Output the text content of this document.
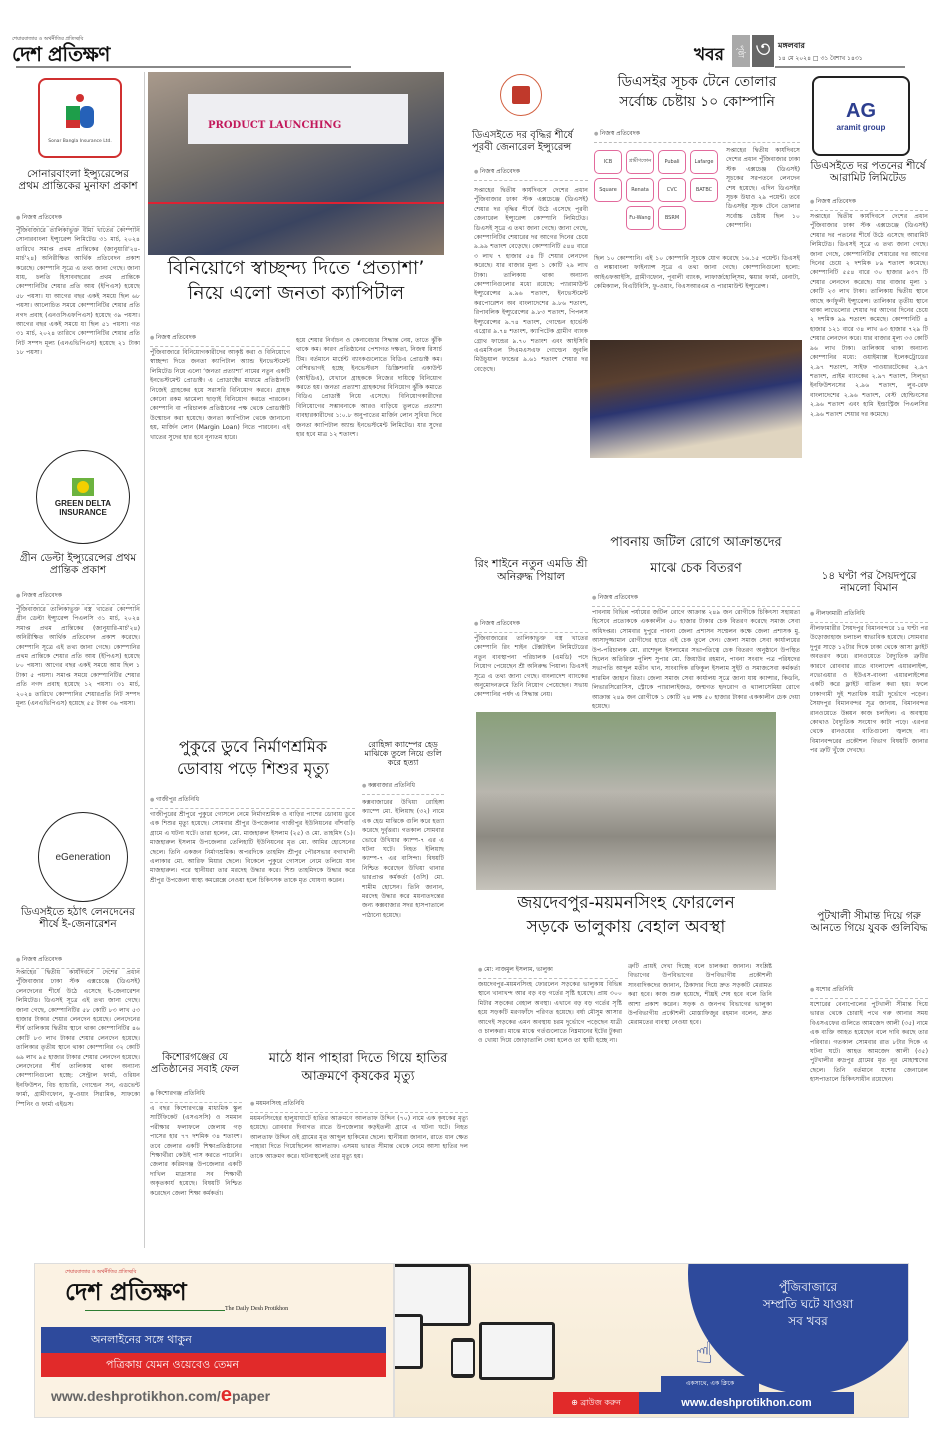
শেয়ারবাজার ও অর্থনীতির প্রতিচ্ছবি
দেশ প্রতিক্ষণ	খবর	পৃষ্ঠা ৩ মঙ্গলবার
১৪ মে ২০২৪ □ ৩১ বৈশাখ ১৪৩১
Sonar Bangla Insurance Ltd.
সোনারবাংলা ইন্স্যুরেন্সের প্রথম প্রান্তিকের মুনাফা প্রকাশ
● নিজস্ব প্রতিবেদক
পুঁজিবাজারে তালিকাভুক্ত বীমা খাতের কোম্পানি সোনারবাংলা ইন্স্যুরেন্স লিমিটেড ৩১ মার্চ, ২০২৪ তারিখে সমাপ্ত প্রথম প্রান্তিকের (জানুয়ারি'২৪-মার্চ'২৪) অনিরীক্ষিত আর্থিক প্রতিবেদন প্রকাশ করেছে। কোম্পানি সূত্রে এ তথ্য জানা গেছে। জানা যায়, চলতি হিসাববছরের প্রথম প্রান্তিকে কোম্পানিটির শেয়ার প্রতি আয় (ইপিএস) হয়েছে ৫৮ পয়সা। যা আগের বছর একই সময়ে ছিল ৬৮ পয়সা। আলোচিত সময়ে কোম্পানিটির শেয়ার প্রতি নগদ প্রবাহ (এনওসিএফপিএস) হয়েছে ৩৯ পয়সা। আগের বছর একই সময়ে যা ছিল ৫১ পয়সা। গত ৩১ মার্চ, ২০২৪ তারিখে কোম্পানিটির শেয়ার প্রতি নিট সম্পদ মূল্য (এনএভিপিএস) হয়েছে ২১ টাকা ১৮ পয়সা।
GREEN DELTA
INSURANCE
গ্রীন ডেল্টা ইন্স্যুরেন্সের প্রথম প্রান্তিক প্রকাশ
● নিজস্ব প্রতিবেদক
পুঁজিবাজারে তালিকাভুক্ত বস্ত্র খাতের কোম্পানি গ্রীন ডেল্টা ইন্স্যুরেন্স পিএলসি ৩১ মার্চ, ২০২৪ সমাপ্ত প্রথম প্রান্তিকের (জানুয়ারি-মার্চ'২৪) অনিরীক্ষিত আর্থিক প্রতিবেদন প্রকাশ করেছে। কোম্পানি সূত্রে এই তথ্য জানা গেছে। কোম্পানির প্রথম প্রান্তিকে শেয়ার প্রতি আয় (ইপিএস) হয়েছে ৮০ পয়সা। আগের বছর একই সময়ে আয় ছিল ১ টাকা ৫ পয়সা। সমাপ্ত সময়ে কোম্পানিটির শেয়ার প্রতি নগদ প্রবাহ হয়েছে ১২ পয়সা। ৩১ মার্চ, ২০২৪ তারিখে কোম্পানির শেয়ারপ্রতি নিট সম্পদ মূল্য (এনএভিপিএস) হয়েছে ৫৫ টাকা ৩৬ পয়সা।
eGeneration
ডিএসইতে হঠাৎ লেনদেনের শীর্ষে ই-জেনারেশন
● নিজস্ব প্রতিবেদক
সপ্তাহের দ্বিতীয় কার্যদিবসে দেশের প্রধান পুঁজিবাজার ঢাকা স্টক এক্সচেঞ্জে (ডিএসই) লেনদেনের শীর্ষে উঠে এসেছে ই-জেনারেশন লিমিটেড। ডিএসই সূত্রে এই তথ্য জানা গেছে। জানা গেছে, কোম্পানিটির ৫৮ কোটি ৮৩ লাখ ৫৩ হাজার টাকার শেয়ার লেনদেন হয়েছে। লেনদেনের শীর্ষ তালিকায় দ্বিতীয় স্থানে থাকা কোম্পানিটির ৪৬ কোটি ৮৩ লাখ টাকার শেয়ার লেনদেন হয়েছে। তালিকার তৃতীয় স্থানে থাকা কোম্পানির ৩২ কোটি ৬৯ লাখ ৯৫ হাজার টাকার শেয়ার লেনদেন হয়েছে। লেনদেনের শীর্ষ তালিকায় থাকা অন্যান্য কোম্পানিগুলো হচ্ছে: সেন্ট্রাল ফার্মা, ওরিয়ন ইনফিউশন, বিচ হ্যাচারি, গোল্ডেন সন, এডভেন্ট ফার্মা, গ্রামীণফোন, ফু-ওয়াং সিরামিক, সাফকো স্পিনিং ও ফার্মা এইডস।
PRODUCT LAUNCHING
বিনিয়োগে স্বাচ্ছন্দ্য দিতে ‘প্রত্যাশা’
নিয়ে এলো জনতা ক্যাপিটাল
● নিজস্ব প্রতিবেদক
পুঁজিবাজারে বিনিয়োগকারীদের আকৃষ্ট করা ও বিনিয়োগে স্বাচ্ছন্দ্য দিতে জনতা ক্যাপিটাল অ্যান্ড ইনভেস্টমেন্ট লিমিটেড নিয়ে এলো ‘জনতা প্রত্যাশা’ নামের নতুন একটি ইনভেস্টমেন্ট প্রোডাক্ট। এ প্রোডাক্টের মাধ্যমে প্রতিষ্ঠানটি নিজেই গ্রাহকের হয়ে সরাসরি বিনিয়োগ করবে। গ্রাহক কোনো রকম ঝামেলা ছাড়াই বিনিয়োগ করতে পারবেন। কোম্পানি বা পরিচালক প্রতিষ্ঠানের পক্ষ থেকে প্রোডাক্টটি উন্মোচন করা হয়েছে। জনতা ক্যাপিটাল থেকে জানানো হয়, মার্জিন লোন (Margin Loan) নিতে পারবেন। এই খাতের সুদের হার হবে নূন্যতম হারে।
হয়ে শেয়ার নির্বাচন ও কেনাবেচার সিদ্ধান্ত নেয়, তাতে ঝুঁকি থাকে কম। কারণ প্রতিষ্ঠানের পেশাগত দক্ষতা, নিজস্ব রিসার্চ টিম। বর্তমানে মার্চেন্ট ব্যাংকগুলোতে বিডিএ প্রোডাক্ট কম। বেশিরভাগই হচ্ছে ইনভেস্টরস ডিস্ক্রিশনারি একাউন্ট (আইডিএ), যেখানে গ্রাহককে নিজের দায়িত্বে বিনিয়োগ করতে হয়। জনতা প্রত্যাশা গ্রাহকদের বিনিয়োগ ঝুঁকি কমাতে বিডিএ প্রোডাক্ট নিয়ে এসেছে। বিনিয়োগকারীদের বিনিয়োগের সম্ভাবনাকে আরও বাড়িয়ে তুলতে প্রত্যাশা ব্যবহারকারীদের ১:০.৮ অনুপাতের মার্জিন লোন সুবিধা দিবে জনতা ক্যাপিটাল অ্যান্ড ইনভেস্টমেন্ট লিমিটেড। যার সুদের হার হবে মাত্র ১২ শতাংশ।
পুকুরে ডুবে নির্মাণশ্রমিক
ডোবায় পড়ে শিশুর মৃত্যু
● গাজীপুর প্রতিনিধি
গাজীপুরের শ্রীপুরে পুকুরে গোসলে নেমে নির্মাণশ্রমিক ও বাড়ির পাশের ডোবায় ডুবে এক শিশুর মৃত্যু হয়েছে। সোমবার শ্রীপুর উপজেলার গাজীপুর ইউনিয়নের বাঁশবাড়ি গ্রামে এ ঘটনা ঘটে। তারা হলেন, মো. মাজহারুল ইসলাম (২৫) ও মো. তাহমিদ (১)। মাজহারুল ইসলাম উপজেলার তেলিহাটি ইউনিয়নের মৃত মো. আমির হোসেনের ছেলে। তিনি একজন নির্মাণশ্রমিক। অপরদিকে তাহমিদ শ্রীপুর পৌরসভার বগাখালী এলাকার মো. আরিফ মিয়ার ছেলে। বিকেলে পুকুরে গোসলে নেমে তলিয়ে যান মাজহারুল। পরে স্থানীয়রা তার মরদেহ উদ্ধার করে। শিশু তাহমিদকে উদ্ধার করে শ্রীপুর উপজেলা স্বাস্থ্য কমপ্লেক্সে নেওয়া হলে চিকিৎসক তাকে মৃত ঘোষণা করেন।
রোহিঙ্গা ক্যাম্পের হেড মাঝিকে তুলে নিয়ে গুলি করে হত্যা
● কক্সবাজার প্রতিনিধি
কক্সবাজারের উখিয়া রোহিঙ্গা ক্যাম্পে মো. ইলিয়াছ (৩২) নামে এক হেড মাঝিকে গুলি করে হত্যা করেছে দুর্বৃত্তরা। গতকাল সোমবার ভোরে উখিয়ার ক্যাম্প-৭ এর এ ঘটনা ঘটে। নিহত ইলিয়াছ ক্যাম্প-৭ এর বাসিন্দা। বিষয়টি নিশ্চিত করেছেন উখিয়া থানার ভারপ্রাপ্ত কর্মকর্তা (ওসি) মো. শামীম হোসেন। তিনি জানান, মরদেহ উদ্ধার করে ময়নাতদন্তের জন্য কক্সবাজার সদর হাসপাতালে পাঠানো হয়েছে।
কিশোরগঞ্জের যে প্রতিষ্ঠানের সবাই ফেল
● কিশোরগঞ্জ প্রতিনিধি
এ বছর কিশোরগঞ্জে মাধ্যমিক স্কুল সার্টিফিকেট (এসএসসি) ও সমমান পরীক্ষার ফলাফলে জেলায় গড় পাসের হার ৭৭ দশমিক ৩৪ শতাংশ। তবে জেলার একটি শিক্ষাপ্রতিষ্ঠানের শিক্ষার্থীরা কেউই পাস করতে পারেনি। জেলার করিমগঞ্জ উপজেলার একটি দাখিল মাদ্রাসার সব শিক্ষার্থী অকৃতকার্য হয়েছে। বিষয়টি নিশ্চিত করেছেন জেলা শিক্ষা কর্মকর্তা।
মাঠে ধান পাহারা দিতে গিয়ে হাতির
আক্রমণে কৃষকের মৃত্যু
● ময়মনসিংহ প্রতিনিধি
ময়মনসিংহের হালুয়াঘাটে হাতির আক্রমণে আলতাফ উদ্দিন (৭০) নামে এক কৃষকের মৃত্যু হয়েছে। রোববার দিবাগত রাতে উপজেলার কড়ইতলী গ্রামে এ ঘটনা ঘটে। নিহত আলতাফ উদ্দিন ওই গ্রামের মৃত আব্দুল হাকিমের ছেলে। স্থানীয়রা জানান, রাতে ধান ক্ষেত পাহারা দিতে গিয়েছিলেন আলতাফ। এসময় ভারত সীমান্ত থেকে নেমে আসা হাতির দল তাকে আক্রমণ করে। ঘটনাস্থলেই তার মৃত্যু হয়।
ডিএসইতে দর বৃদ্ধির শীর্ষে পূরবী জেনারেল ইন্স্যুরেন্স
● নিজস্ব প্রতিবেদক
সপ্তাহের দ্বিতীয় কার্যদিবসে দেশের প্রধান পুঁজিবাজার ঢাকা স্টক এক্সচেঞ্জে (ডিএসই) শেয়ার দর বৃদ্ধির শীর্ষে উঠে এসেছে পূরবী জেনারেল ইন্স্যুরেন্স কোম্পানি লিমিটেড। ডিএসই সূত্রে এ তথ্য জানা গেছে। জানা গেছে, কোম্পানিটির শেয়ারের দর আগের দিনের চেয়ে ৯.৯৯ শতাংশ বেড়েছে। কোম্পানিটি ৫৪৪ বারে ৩ লাখ ৭ হাজার ৫৪ টি শেয়ার লেনদেন করেছে। যার বাজার মূল্য ১ কোটি ২৯ লাখ টাকা। তালিকায় থাকা অন্যান্য কোম্পানিগুলোর মধ্যে রয়েছে: প্যারামাউন্ট ইন্স্যুরেন্সের ৯.৯৬ শতাংশ, ইনভেস্টমেন্ট করপোরেশন অব বাংলাদেশের ৯.৮৬ শতাংশ, রিপাবলিক ইন্স্যুরেন্সের ৯.৮৩ শতাংশ, পিপলস ইন্স্যুরেন্সের ৯.৭৪ শতাংশ, গোল্ডেন হার্ভেস্ট এগ্রোর ৯.৭৪ শতাংশ, ক্যাপিটেক গ্রামীণ ব্যাংক গ্রোথ ফান্ডের ৯.৭০ শতাংশ এবং আইসিবি এএমসিএল সিএমএসএফ গোল্ডেন জুবলি মিউচুয়াল ফান্ডের ৯.৬১ শতাংশ শেয়ার দর বেড়েছে।
রিং শাইনে নতুন এমডি শ্রী অনিরুদ্ধ পিয়াল
● নিজস্ব প্রতিবেদক
পুঁজিবাজারের তালিকাভুক্ত বস্ত্র খাতের কোম্পানি রিং শাইন টেক্সটাইল লিমিটেডের নতুন ব্যবস্থাপনা পরিচালক (এমডি) পদে নিয়োগ পেয়েছেন শ্রী অনিরুদ্ধ পিয়াল। ডিএসই সূত্রে এ তথ্য জানা গেছে। বাংলাদেশ ব্যাংকের অনুমোদনক্রমে তিনি নিয়োগ পেয়েছেন। সভায় কোম্পানির পর্ষদ এ সিদ্ধান্ত নেয়।
ডিএসইর সূচক টেনে তোলার
সর্বোচ্চ চেষ্টায় ১০ কোম্পানি
● নিজস্ব প্রতিবেদক
ICB	গ্রামীণফোন	Pubali	Lafarge
Square	Renata	CVC	BATBC
Fu-Wang	BSRM
সপ্তাহের দ্বিতীয় কার্যদিবসে দেশের প্রধান পুঁজিবাজার ঢাকা স্টক এক্সচেঞ্জ (ডিএসই) সূচকের সরপতনে লেনদেন শেষ হয়েছে। এদিন ডিএসইর সূচক উধাও ২৯ পয়েন্ট। তবে ডিএসইর সূচক টেনে তোলার সর্বোচ্চ চেষ্টায় ছিল ১০ কোম্পানি।
ছিল ১০ কোম্পানি। এই ১০ কোম্পানি সূচকে যোগ করেছে ১৬.১৫ পয়েন্ট। ডিএসই ও লঙ্কাবাংলা ফাইন্যান্স সূত্রে এ তথ্য জানা গেছে। কোম্পানিগুলো হলো: আইএফআইসি, গ্রামীণফোন, পূবালী ব্যাংক, লাফার্জহোল্সিম, স্কয়ার ফার্মা, রেনাটা, কেমিক্যাল, বিএটিবিসি, ফু-ওয়াং, বিএসআরএম ও পারামাউন্ট ইন্স্যুরেন্স।
পাবনায় জটিল রোগে আক্রান্তদের
মাঝে চেক বিতরণ
● নিজস্ব প্রতিবেদক
পাবনায় বিভিন্ন পর্যায়ের জটিল রোগে আক্রান্ত ২৪৯ জন রোগীকে চিকিৎসা সহায়তা হিসেবে প্রত্যেককে এককালীন ৫০ হাজার টাকার চেক বিতরণ করেছে সমাজ সেবা অধিদপ্তর। সোমবার দুপুরে পাবনা জেলা প্রশাসন সম্মেলন কক্ষে জেলা প্রশাসক মু. আসাদুজ্জামান রোগীদের হাতে এই চেক তুলে দেন। জেলা সমাজ সেবা কার্যালয়ের উপ-পরিচালক মো. রাশেদুল ইসলামের সভাপতিত্বে চেক বিতরণ অনুষ্ঠানে উপস্থিত ছিলেন অতিরিক্ত পুলিশ সুপার মো. জিয়াউর রহমান, পাবনা সংবাদ পত্র পরিষদের সভাপতি আব্দুল মতীন খান, সাংবাদিক রফিকুল ইসলাম সুইট ও সমাজসেবা কর্মকর্তা শারমিন জাহান রিতা। জেলা সমাজ সেবা কার্যালয় সূত্রে জানা যায় ক্যান্সার, কিডনি, লিভারসিরোসিস, স্ট্রোকে প্যারালাইজড, জন্মগত হৃদরোগ ও থ্যালাসেমিয়া রোগে আক্রান্ত ২৪৯ জন রোগীকে ১ কোটি ২৪ লক্ষ ৫০ হাজার টাকার এককালীন চেক দেয়া হয়েছে।
AG
aramit group
ডিএসইতে দর পতনের শীর্ষে আরামিট লিমিটেড
● নিজস্ব প্রতিবেদক
সপ্তাহের দ্বিতীয় কার্যদিবসে দেশের প্রধান পুঁজিবাজার ঢাকা স্টক এক্সচেঞ্জে (ডিএসই) শেয়ার দর পতনের শীর্ষে উঠে এসেছে আরামিট লিমিটেড। ডিএসই সূত্রে এ তথ্য জানা গেছে। জানা গেছে, কোম্পানিটির শেয়ারের দর আগের দিনের চেয়ে ২ দশমিক ৮৯ শতাংশ কমেছে। কোম্পানিটি ৫৫৪ বারে ৩০ হাজার ৯৩৭ টি শেয়ার লেনদেন করেছে। যার বাজার মূল্য ১ কোটি ২৩ লাখ টাকা। তালিকায় দ্বিতীয় স্থানে আছে কর্ণফুলী ইন্স্যুরেন্স। তালিকার তৃতীয় স্থানে থাকা লাভেলোর শেয়ার দর আগের দিনের চেয়ে ২ দশমিক ৯৯ শতাংশ কমেছে। কোম্পানিটি ৪ হাজার ১২১ বারে ৩৪ লাখ ৬৩ হাজার ৭২৯ টি শেয়ার লেনদেন করে। যার বাজার মূল্য ৩৩ কোটি ৯৬ লাখ টাকা। তালিকায় থাকা অন্যান্য কোম্পানির মধ্যে: ওয়াইম্যাক্স ইলেকট্রোডের ২.৯৭ শতাংশ, সাইফ পাওয়ারটেকের ২.৯৭ শতাংশ, প্রাইম ব্যাংকের ২.৯৭ শতাংশ, সিল্ভা ইনফিউশনসের ২.৯৬ শতাংশ, লুব-রেফ বাংলাদেশের ২.৯৬ শতাংশ, বেস্ট হোল্ডিংসের ২.৯৬ শতাংশ এবং হামি ইন্ডাস্ট্রিজ পিএলসির ২.৯৬ শতাংশ শেয়ার দর কমেছে।
১৪ ঘণ্টা পর সৈয়দপুরে নামলো বিমান
● নীলফামারী প্রতিনিধি
নীলফামারীর সৈয়দপুর বিমানবন্দরে ১৪ ঘণ্টা পর উড়োজাহাজ চলাচল স্বাভাবিক হয়েছে। সোমবার দুপুর সাড়ে ১২টার দিকে ঢাকা থেকে আসা ফ্লাইট অবতরণ করে। রানওয়েতে বৈদ্যুতিক ত্রুটির কারণে রোববার রাতে বাংলাদেশ এয়ারলাইন্স, নভোএয়ার ও ইউএস-বাংলা এয়ারলাইন্সের একটি করে ফ্লাইট বাতিল করা হয়। ফলে ঢাকাগামী দুই শতাধিক যাত্রী দুর্ভোগে পড়েন। সৈয়দপুর বিমানবন্দর সূত্র জানায়, বিমানবন্দর রানওয়েতে উন্নয়ন কাজ চলছিল। এ অবস্থায় কোথাও বৈদ্যুতিক সংযোগ কাটা পড়ে। এরপর থেকে রানওয়ের বাতিগুলো জ্বলছে না। বিমানবন্দরের প্রকৌশল বিভাগ বিষয়টি জানার পর ত্রুটি খুঁজে দেখছে।
জয়দেবপুর-ময়মনসিংহ ফোরলেন
সড়কে ভালুকায় বেহাল অবস্থা
● মো: নাজমুল ইসলাম, ভালুকা
জয়দেবপুর-ময়মনসিংহ ফোরলেন সড়কের ভালুকায় বিভিন্ন স্থানে খানাখন্দ আর বড় বড় গর্তের সৃষ্টি হয়েছে। প্রায় ৩০০ মিটার সড়কের বেহাল অবস্থা। এখানে বড় বড় গর্তের সৃষ্টি হয়ে সড়কটি মরণফাঁদে পরিণত হয়েছে। বর্ষা মৌসুম আসার আগেই সড়কের এমন অবস্থায় চরম দুর্ভোগে পড়েছেন যাত্রী ও চালকরা। মাঝে মাঝে গর্তগুলোতে নিম্নমানের ইটের টুকরা ও খোয়া দিয়ে জোড়াতালি দেয়া হলেও তা স্থায়ী হচ্ছে না।
ত্রুটি প্রায়ই দেখা দিচ্ছে বলে চালকরা জানান। সংশ্লিষ্ট বিভাগের উপবিভাগের উপবিভাগীয় প্রকৌশলী সাংবাদিকদের জানান, ঠিকাদার দিয়ে দ্রুত সড়কটি মেরামত করা হবে। কাজ শুরু হয়েছে, শীঘ্রই শেষ হবে বলে তিনি আশা প্রকাশ করেন। সড়ক ও জনপথ বিভাগের ভালুকা উপবিভাগীয় প্রকৌশলী মোস্তাফিজুর রহমান বলেন, দ্রুত মেরামতের ব্যবস্থা নেওয়া হবে।
পুটখালী সীমান্ত দিয়ে গরু আনতে গিয়ে যুবক গুলিবিদ্ধ
● যশোর প্রতিনিধি
যশোরের বেনাপোলের পুটখালী সীমান্ত দিয়ে ভারত থেকে চোরাই পথে গরু আনার সময় বিএসএফের গুলিতে আমজেদ আলী (৩৫) নামে এক ব্যক্তি আহত হয়েছেন বলে দাবি করছে তার পরিবার। গতকাল সোমবার রাত ৮টার দিকে এ ঘটনা ঘটে। আহত আমজেদ আলী (৩৫) পুটখালীর রুদ্রপুর গ্রামের মৃত নূর মোহাম্মদের ছেলে। তিনি বর্তমানে যশোর জেনারেল হাসপাতালে চিকিৎসাধীন রয়েছেন।
শেয়ারবাজার ও অর্থনীতির প্রতিচ্ছবি
দেশ প্রতিক্ষণ
The Daily Desh Protikhon
অনলাইনের সঙ্গে থাকুন
পত্রিকায় যেমন ওয়েবেও তেমন
www.deshprotikhon.com/epaper
পুঁজিবাজারে
সম্প্রতি ঘটে যাওয়া
সব খবর
☝
একসাথে, এক ক্লিকে
⊕ ব্রাউজ করুন	www.deshprotikhon.com
